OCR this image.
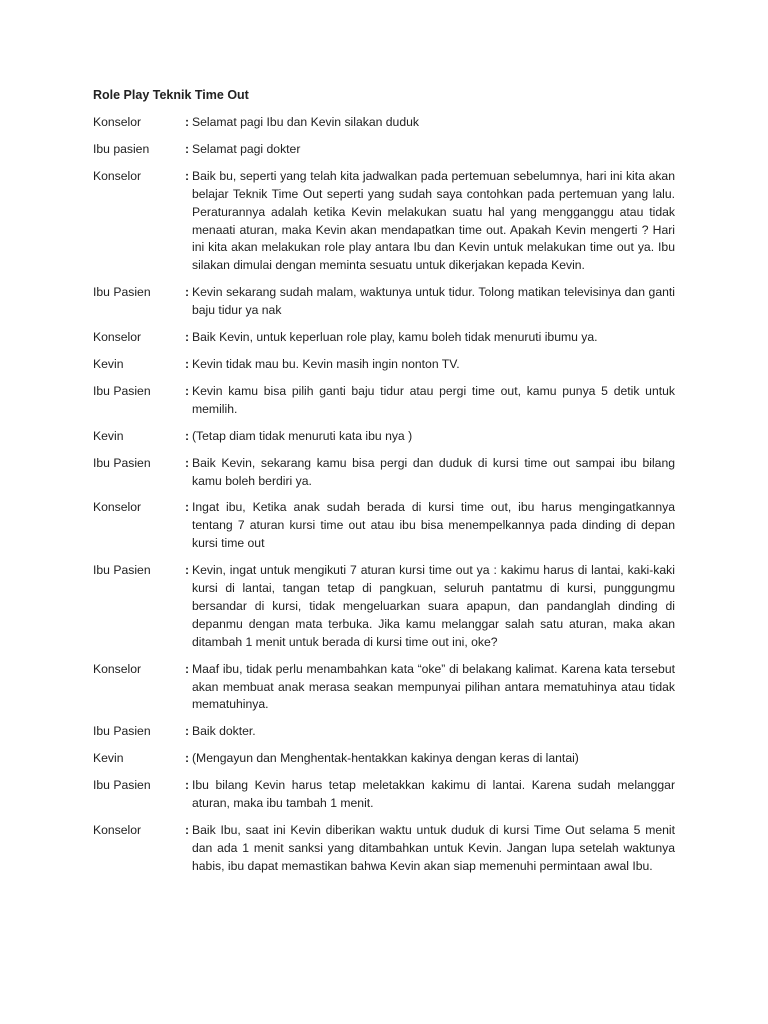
Role Play Teknik Time Out
Konselor	: Selamat pagi Ibu dan Kevin silakan duduk
Ibu pasien	: Selamat pagi dokter
Konselor	: Baik bu, seperti yang telah kita jadwalkan pada pertemuan sebelumnya, hari ini kita akan belajar Teknik Time Out seperti yang sudah saya contohkan pada pertemuan yang lalu. Peraturannya adalah ketika Kevin melakukan suatu hal yang mengganggu atau tidak menaati aturan, maka Kevin akan mendapatkan time out. Apakah Kevin mengerti ? Hari ini kita akan melakukan role play antara Ibu dan Kevin untuk melakukan time out ya. Ibu silakan dimulai dengan meminta sesuatu untuk dikerjakan kepada Kevin.
Ibu Pasien	: Kevin sekarang sudah malam, waktunya untuk tidur. Tolong matikan televisinya dan ganti baju tidur ya nak
Konselor	: Baik Kevin, untuk keperluan role play, kamu boleh tidak menuruti ibumu ya.
Kevin	: Kevin tidak mau bu. Kevin masih ingin nonton TV.
Ibu Pasien	: Kevin kamu bisa pilih ganti baju tidur atau pergi time out, kamu punya 5 detik untuk memilih.
Kevin	: (Tetap diam tidak menuruti kata ibu nya )
Ibu Pasien	: Baik Kevin, sekarang kamu bisa pergi dan duduk di kursi time out sampai ibu bilang kamu boleh berdiri ya.
Konselor	: Ingat ibu, Ketika anak sudah berada di kursi time out, ibu harus mengingatkannya tentang 7 aturan kursi time out atau ibu bisa menempelkannya pada dinding di depan kursi time out
Ibu Pasien	: Kevin, ingat untuk mengikuti 7 aturan kursi time out ya : kakimu harus di lantai, kaki-kaki kursi di lantai, tangan tetap di pangkuan, seluruh pantatmu di kursi, punggungmu bersandar di kursi, tidak mengeluarkan suara apapun, dan pandanglah dinding di depanmu dengan mata terbuka. Jika kamu melanggar salah satu aturan, maka akan ditambah 1 menit untuk berada di kursi time out ini, oke?
Konselor	: Maaf ibu, tidak perlu menambahkan kata “oke” di belakang kalimat. Karena kata tersebut akan membuat anak merasa seakan mempunyai pilihan antara mematuhinya atau tidak mematuhinya.
Ibu Pasien	: Baik dokter.
Kevin	: (Mengayun dan Menghentak-hentakkan kakinya dengan keras di lantai)
Ibu Pasien	: Ibu bilang Kevin harus tetap meletakkan kakimu di lantai. Karena sudah melanggar aturan, maka ibu tambah 1 menit.
Konselor	: Baik Ibu, saat ini Kevin diberikan waktu untuk duduk di kursi Time Out selama 5 menit dan ada 1 menit sanksi yang ditambahkan untuk Kevin. Jangan lupa setelah waktunya habis, ibu dapat memastikan bahwa Kevin akan siap memenuhi permintaan awal Ibu.
